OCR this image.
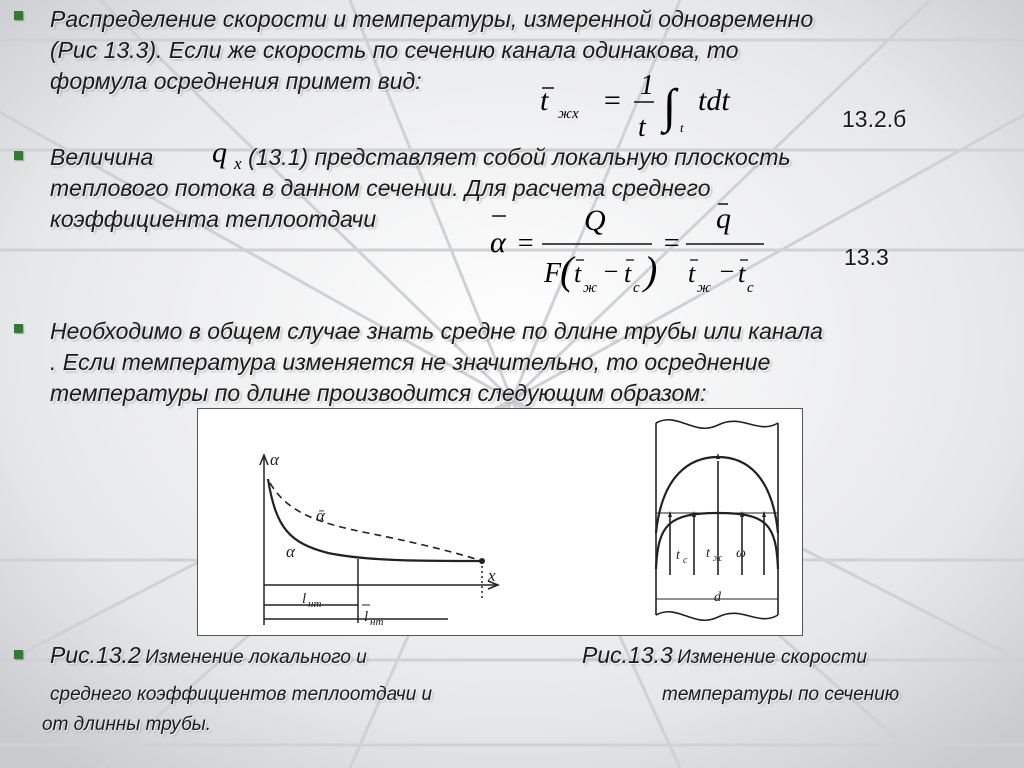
Распределение скорости и температуры, измеренной одновременно
(Рис 13.3). Если же скорость по сечению канала одинакова, то
формула осреднения примет вид:
t жх = 1
t ∫ t
tdt
13.2.б
Величина	(13.1) представляет собой локальную плоскость
теплового потока в данном сечении. Для расчета среднего
коэффициента теплоотдачи
q x
α =
Q
F
( t ж
− t с )
=
q
t ж
− t с
13.3
Необходимо в общем случае знать средне по длине трубы или канала
. Если температура изменяется не значительно, то осреднение
температуры по длине производится следующим образом:
α
x
ᾱ
α
l нт
l нт
t с t ж ω
d
Рис.13.2 Изменение локального и	Рис.13.3 Изменение скорости
среднего коэффициентов теплоотдачи и	температуры по сечению
от длинны трубы.
